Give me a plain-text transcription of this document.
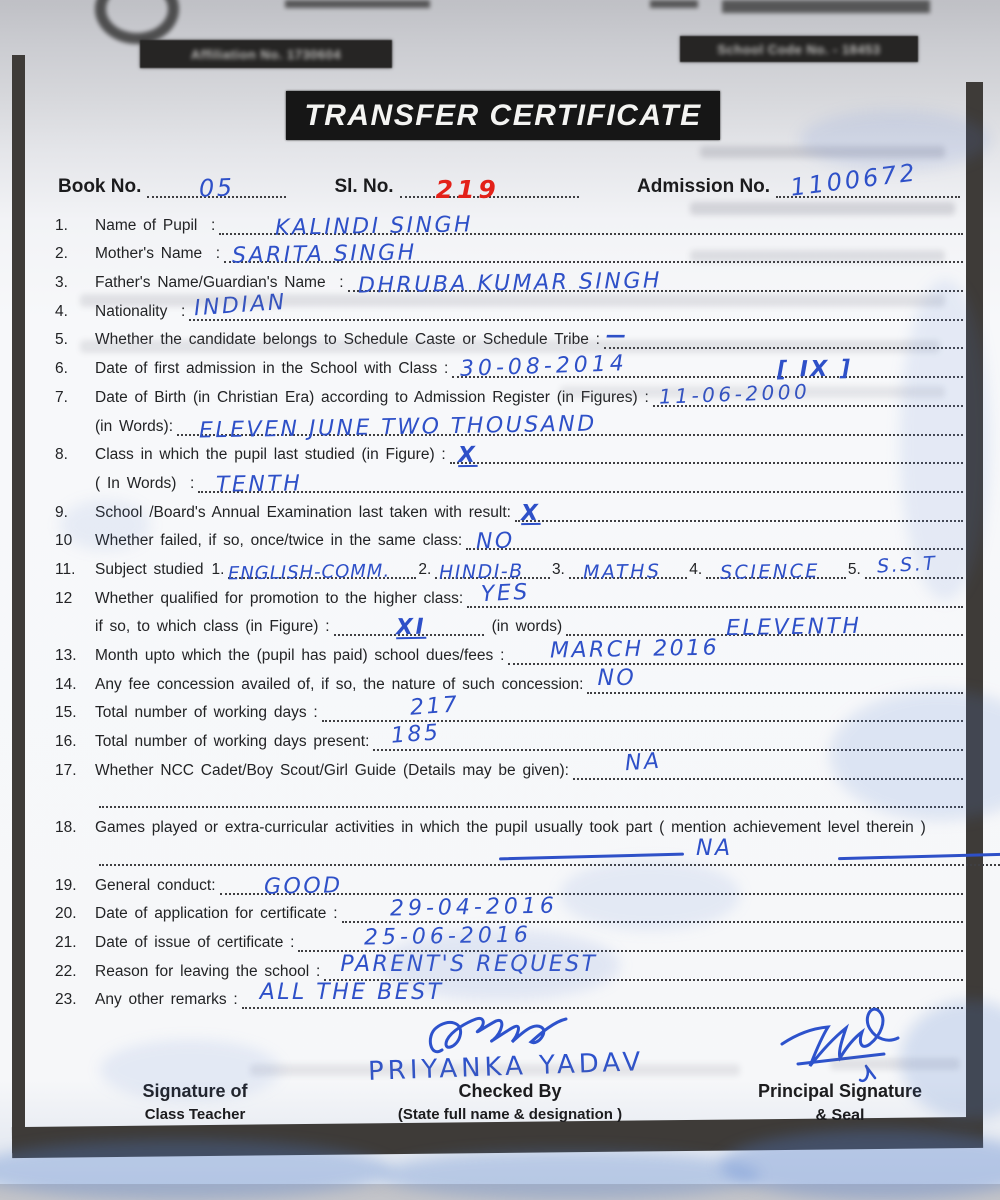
Affiliation No. 1730604	School Code No. - 18453
TRANSFER CERTIFICATE
Book No. 05	Sl. No. 219	Admission No. 1100672
1.	Name of Pupil  :	KALINDI SINGH
2.	Mother's Name  : SARITA SINGH
3.	Father's Name/Guardian's Name  : DHRUBA KUMAR SINGH
4.	Nationality  : INDIAN
5.	Whether the candidate belongs to Schedule Caste or Schedule Tribe : —
6.	Date of first admission in the School with Class : 30-08-2014	[ IX ]
7.	Date of Birth (in Christian Era) according to Admission Register (in Figures) : 11-06-2000
(in Words): ELEVEN JUNE TWO THOUSAND
8.	Class in which the pupil last studied (in Figure) : X
( In Words)  : TENTH
9.	School /Board's Annual Examination last taken with result: X
10	Whether failed, if so, once/twice in the same class: NO
11.	Subject studied 1. ENGLISH-COMM. 2. HINDI-B 3. MATHS 4. SCIENCE 5. S.S.T
12	Whether qualified for promotion to the higher class: YES
if so, to which class (in Figure) :	XI	(in words)	ELEVENTH
13.	Month upto which the (pupil has paid) school dues/fees : MARCH 2016
14.	Any fee concession availed of, if so, the nature of such concession: NO
15.	Total number of working days :	217
16.	Total number of working days present: 185
17.	Whether NCC Cadet/Boy Scout/Girl Guide (Details may be given):	NA
18.	Games played or extra-curricular activities in which the pupil usually took part ( mention achievement level therein )
NA
19.	General conduct: GOOD
20.	Date of application for certificate : 29-04-2016
21.	Date of issue of certificate :	25-06-2016
22.	Reason for leaving the school : PARENT'S REQUEST
23.	Any other remarks : ALL THE BEST
PRIYANKA YADAV
Signature of
Class Teacher
Checked By
(State full name & designation )
Principal Signature
& Seal
